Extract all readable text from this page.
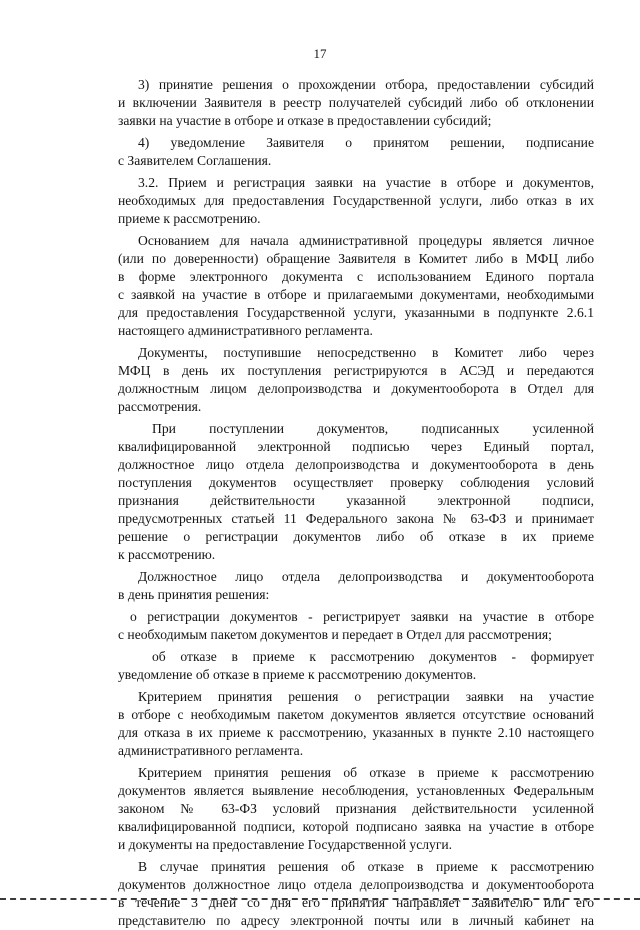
17
3) принятие решения о прохождении отбора, предоставлении субсидий
и включении Заявителя в реестр получателей субсидий либо об отклонении
заявки на участие в отборе и отказе в предоставлении субсидий;
4) уведомление Заявителя о принятом решении, подписание
с Заявителем Соглашения.
3.2. Прием и регистрация заявки на участие в отборе и документов,
необходимых для предоставления Государственной услуги, либо отказ в их
приеме к рассмотрению.
Основанием для начала административной процедуры является личное
(или по доверенности) обращение Заявителя в Комитет либо в МФЦ либо
в форме электронного документа с использованием Единого портала
с заявкой на участие в отборе и прилагаемыми документами, необходимыми
для предоставления Государственной услуги, указанными в подпункте 2.6.1
настоящего административного регламента.
Документы, поступившие непосредственно в Комитет либо через
МФЦ в день их поступления регистрируются в АСЭД и передаются
должностным лицом делопроизводства и документооборота в Отдел для
рассмотрения.
При поступлении документов, подписанных усиленной
квалифицированной электронной подписью через Единый портал,
должностное лицо отдела делопроизводства и документооборота в день
поступления документов осуществляет проверку соблюдения условий
признания действительности указанной электронной подписи,
предусмотренных статьей 11 Федерального закона № 63-ФЗ и принимает
решение о регистрации документов либо об отказе в их приеме
к рассмотрению.
Должностное лицо отдела делопроизводства и документооборота
в день принятия решения:
о регистрации документов - регистрирует заявки на участие в отборе
с необходимым пакетом документов и передает в Отдел для рассмотрения;
об отказе в приеме к рассмотрению документов - формирует
уведомление об отказе в приеме к рассмотрению документов.
Критерием принятия решения о регистрации заявки на участие
в отборе с необходимым пакетом документов является отсутствие оснований
для отказа в их приеме к рассмотрению, указанных в пункте 2.10 настоящего
административного регламента.
Критерием принятия решения об отказе в приеме к рассмотрению
документов является выявление несоблюдения, установленных Федеральным
законом № 63-ФЗ условий признания действительности усиленной
квалифицированной подписи, которой подписано заявка на участие в отборе
и документы на предоставление Государственной услуги.
В случае принятия решения об отказе в приеме к рассмотрению
документов должностное лицо отдела делопроизводства и документооборота
в течение 3 дней со дня его принятия направляет Заявителю или его
представителю по адресу электронной почты или в личный кабинет на
